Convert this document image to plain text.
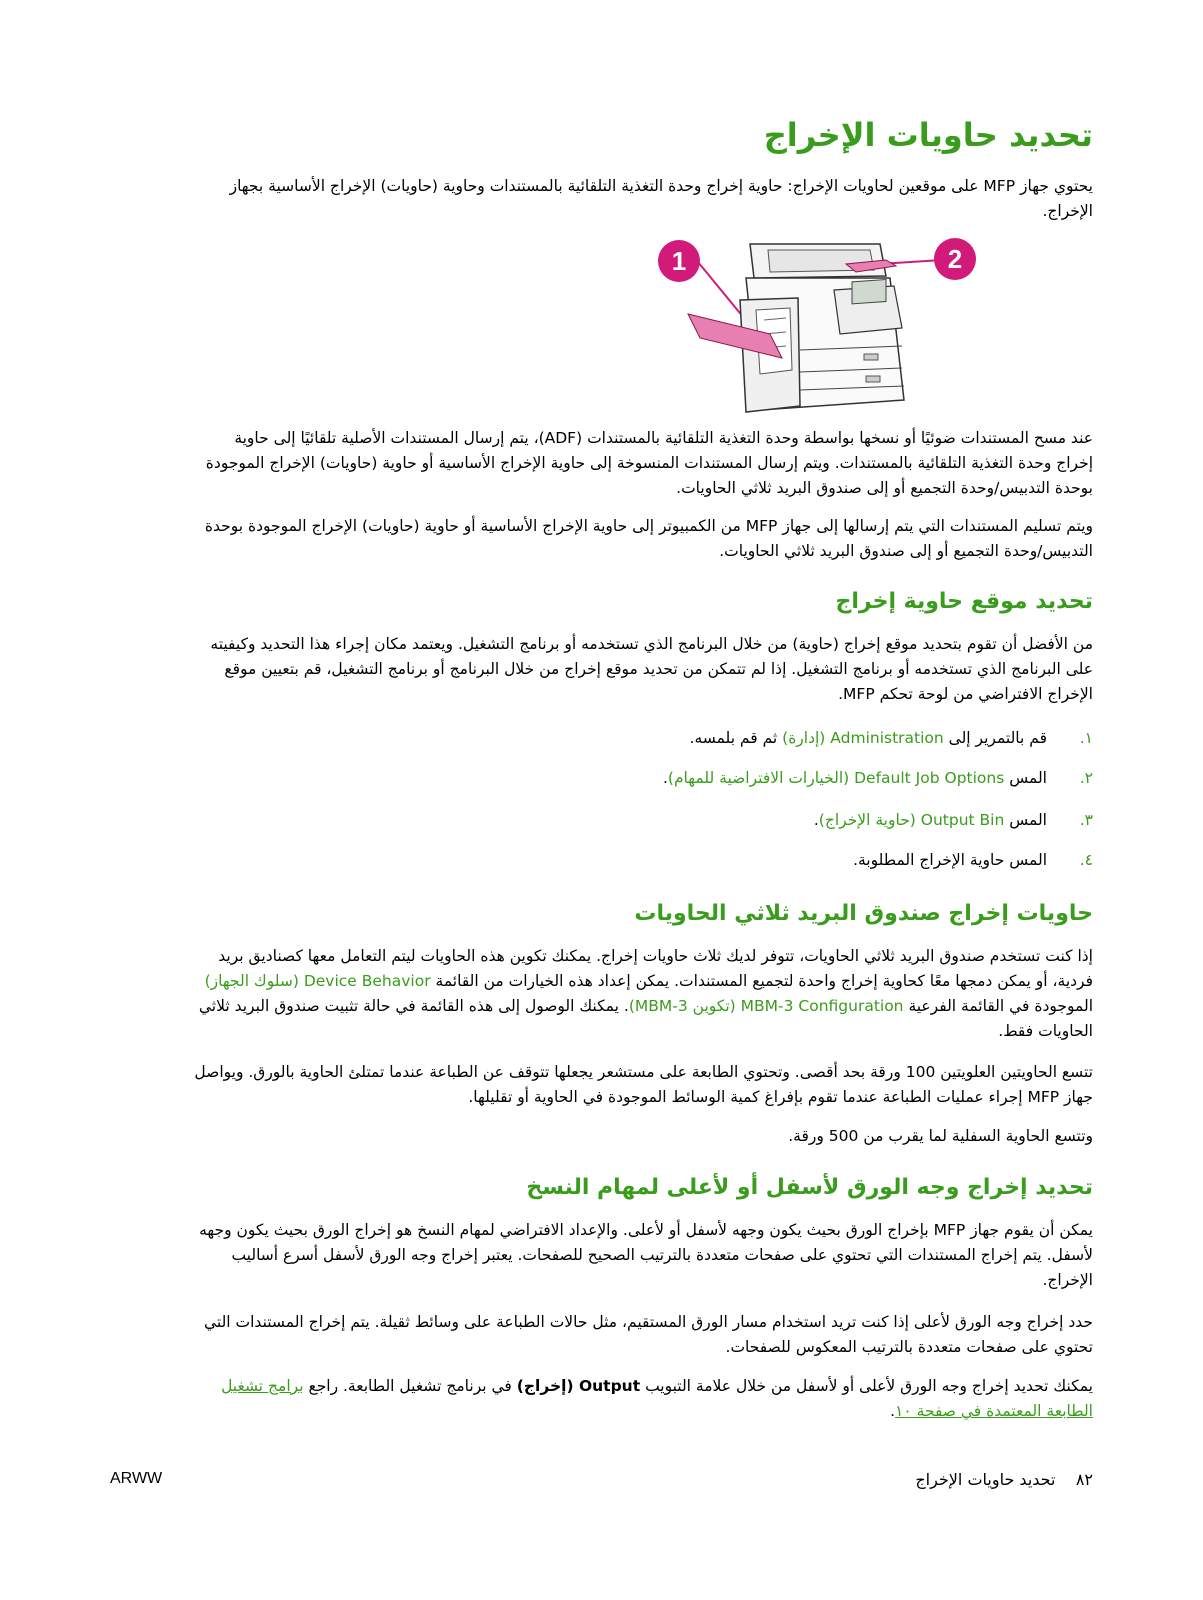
تحديد حاويات الإخراج
يحتوي جهاز MFP على موقعين لحاويات الإخراج: حاوية إخراج وحدة التغذية التلقائية بالمستندات وحاوية (حاويات) الإخراج الأساسية بجهاز الإخراج.
1	2
عند مسح المستندات ضوئيًا أو نسخها بواسطة وحدة التغذية التلقائية بالمستندات (ADF)، يتم إرسال المستندات الأصلية تلقائيًا إلى حاوية إخراج وحدة التغذية التلقائية بالمستندات. ويتم إرسال المستندات المنسوخة إلى حاوية الإخراج الأساسية أو حاوية (حاويات) الإخراج الموجودة بوحدة التدبيس/وحدة التجميع أو إلى صندوق البريد ثلاثي الحاويات.
ويتم تسليم المستندات التي يتم إرسالها إلى جهاز MFP من الكمبيوتر إلى حاوية الإخراج الأساسية أو حاوية (حاويات) الإخراج الموجودة بوحدة التدبيس/وحدة التجميع أو إلى صندوق البريد ثلاثي الحاويات.
تحديد موقع حاوية إخراج
من الأفضل أن تقوم بتحديد موقع إخراج (حاوية) من خلال البرنامج الذي تستخدمه أو برنامج التشغيل. ويعتمد مكان إجراء هذا التحديد وكيفيته على البرنامج الذي تستخدمه أو برنامج التشغيل. إذا لم تتمكن من تحديد موقع إخراج من خلال البرنامج أو برنامج التشغيل، قم بتعيين موقع الإخراج الافتراضي من لوحة تحكم MFP.
١.
قم بالتمرير إلى Administration (إدارة) ثم قم بلمسه.
٢.
المس Default Job Options (الخيارات الافتراضية للمهام).
٣.
المس Output Bin (حاوية الإخراج).
٤.
المس حاوية الإخراج المطلوبة.
حاويات إخراج صندوق البريد ثلاثي الحاويات
إذا كنت تستخدم صندوق البريد ثلاثي الحاويات، تتوفر لديك ثلاث حاويات إخراج. يمكنك تكوين هذه الحاويات ليتم التعامل معها كصناديق بريد فردية، أو يمكن دمجها معًا كحاوية إخراج واحدة لتجميع المستندات. يمكن إعداد هذه الخيارات من القائمة Device Behavior (سلوك الجهاز) الموجودة في القائمة الفرعية MBM-3 Configuration (تكوين MBM-3). يمكنك الوصول إلى هذه القائمة في حالة تثبيت صندوق البريد ثلاثي الحاويات فقط.
تتسع الحاويتين العلويتين 100 ورقة بحد أقصى. وتحتوي الطابعة على مستشعر يجعلها تتوقف عن الطباعة عندما تمتلئ الحاوية بالورق. ويواصل جهاز MFP إجراء عمليات الطباعة عندما تقوم بإفراغ كمية الوسائط الموجودة في الحاوية أو تقليلها.
وتتسع الحاوية السفلية لما يقرب من 500 ورقة.
تحديد إخراج وجه الورق لأسفل أو لأعلى لمهام النسخ
يمكن أن يقوم جهاز MFP بإخراج الورق بحيث يكون وجهه لأسفل أو لأعلى. والإعداد الافتراضي لمهام النسخ هو إخراج الورق بحيث يكون وجهه لأسفل. يتم إخراج المستندات التي تحتوي على صفحات متعددة بالترتيب الصحيح للصفحات. يعتبر إخراج وجه الورق لأسفل أسرع أساليب الإخراج.
حدد إخراج وجه الورق لأعلى إذا كنت تريد استخدام مسار الورق المستقيم، مثل حالات الطباعة على وسائط ثقيلة. يتم إخراج المستندات التي تحتوي على صفحات متعددة بالترتيب المعكوس للصفحات.
يمكنك تحديد إخراج وجه الورق لأعلى أو لأسفل من خلال علامة التبويب Output (إخراج) في برنامج تشغيل الطابعة. راجع برامج تشغيل الطابعة المعتمدة في صفحة ١٠.
٨٢    تحديد حاويات الإخراج
ARWW
